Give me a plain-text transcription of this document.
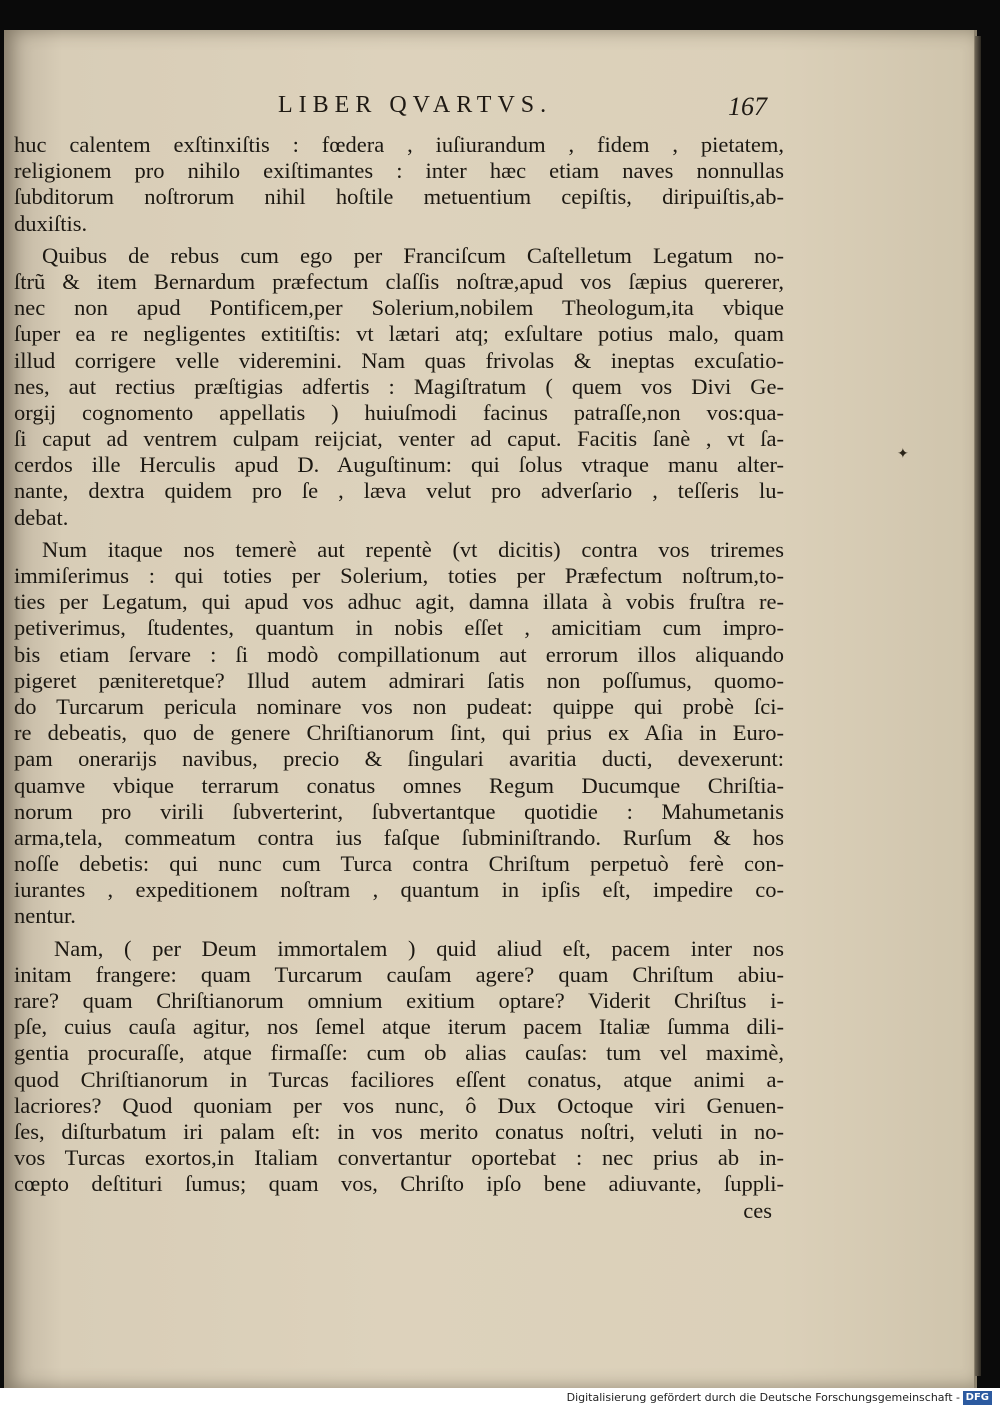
LIBER QVARTVS.	167
huc calentem exſtinxiſtis : fœdera , iuſiurandum , fidem , pietatem,
religionem pro nihilo exiſtimantes : inter hæc etiam naves nonnullas
ſubditorum noſtrorum nihil hoſtile metuentium cepiſtis, diripuiſtis,ab-
duxiſtis.
Quibus de rebus cum ego per Franciſcum Caſtelletum Legatum no-
ſtrũ & item Bernardum præfectum claſſis noſtræ,apud vos ſæpius quererer,
nec non apud Pontificem,per Solerium,nobilem Theologum,ita vbique
ſuper ea re negligentes extitiſtis: vt lætari atq; exſultare potius malo, quam
illud corrigere velle videremini. Nam quas frivolas & ineptas excuſatio-
nes, aut rectius præſtigias adfertis : Magiſtratum ( quem vos Divi Ge-
orgij cognomento appellatis ) huiuſmodi facinus patraſſe,non vos:qua-
ſi caput ad ventrem culpam reijciat, venter ad caput. Facitis ſanè , vt ſa-
cerdos ille Herculis apud D. Auguſtinum: qui ſolus vtraque manu alter-
nante, dextra quidem pro ſe , læva velut pro adverſario , teſſeris lu-
debat.
Num itaque nos temerè aut repentè (vt dicitis) contra vos triremes
immiſerimus : qui toties per Solerium, toties per Præfectum noſtrum,to-
ties per Legatum, qui apud vos adhuc agit, damna illata à vobis fruſtra re-
petiverimus, ſtudentes, quantum in nobis eſſet , amicitiam cum impro-
bis etiam ſervare : ſi modò compillationum aut errorum illos aliquando
pigeret pæniteretque? Illud autem admirari ſatis non poſſumus, quomo-
do Turcarum pericula nominare vos non pudeat: quippe qui probè ſci-
re debeatis, quo de genere Chriſtianorum ſint, qui prius ex Aſia in Euro-
pam onerarijs navibus, precio & ſingulari avaritia ducti, devexerunt:
quamve vbique terrarum conatus omnes Regum Ducumque Chriſtia-
norum pro virili ſubverterint, ſubvertantque quotidie : Mahumetanis
arma,tela, commeatum contra ius faſque ſubminiſtrando. Rurſum & hos
noſſe debetis: qui nunc cum Turca contra Chriſtum perpetuò ferè con-
iurantes , expeditionem noſtram , quantum in ipſis eſt, impedire co-
nentur.
Nam, ( per Deum immortalem ) quid aliud eſt, pacem inter nos
initam frangere: quam Turcarum cauſam agere? quam Chriſtum abiu-
rare? quam Chriſtianorum omnium exitium optare? Viderit Chriſtus i-
pſe, cuius cauſa agitur, nos ſemel atque iterum pacem Italiæ ſumma dili-
gentia procuraſſe, atque firmaſſe: cum ob alias cauſas: tum vel maximè,
quod Chriſtianorum in Turcas faciliores eſſent conatus, atque animi a-
lacriores? Quod quoniam per vos nunc, ô Dux Octoque viri Genuen-
ſes, diſturbatum iri palam eſt: in vos merito conatus noſtri, veluti in no-
vos Turcas exortos,in Italiam convertantur oportebat : nec prius ab in-
cœpto deſtituri ſumus; quam vos, Chriſto ipſo bene adiuvante, ſuppli-
ces
✦
Digitalisierung gefördert durch die Deutsche Forschungsgemeinschaft - DFG
